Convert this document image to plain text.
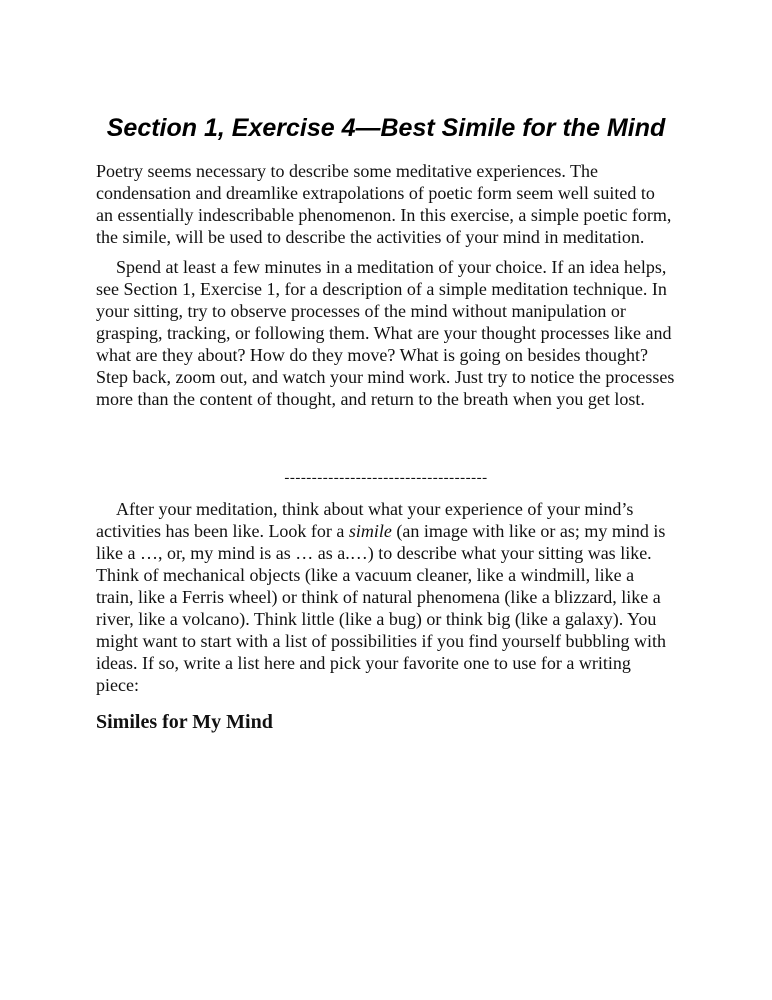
Section 1, Exercise 4—Best Simile for the Mind

Poetry seems necessary to describe some meditative experiences. The condensation and dreamlike extrapolations of poetic form seem well suited to an essentially indescribable phenomenon. In this exercise, a simple poetic form, the simile, will be used to describe the activities of your mind in meditation.

Spend at least a few minutes in a meditation of your choice. If an idea helps, see Section 1, Exercise 1, for a description of a simple meditation technique. In your sitting, try to observe processes of the mind without manipulation or grasping, tracking, or following them. What are your thought processes like and what are they about? How do they move? What is going on besides thought? Step back, zoom out, and watch your mind work. Just try to notice the processes more than the content of thought, and return to the breath when you get lost.

-------------------------------------

After your meditation, think about what your experience of your mind’s activities has been like. Look for a simile (an image with like or as; my mind is like a …, or, my mind is as … as a.…) to describe what your sitting was like. Think of mechanical objects (like a vacuum cleaner, like a windmill, like a train, like a Ferris wheel) or think of natural phenomena (like a blizzard, like a river, like a volcano). Think little (like a bug) or think big (like a galaxy). You might want to start with a list of possibilities if you find yourself bubbling with ideas. If so, write a list here and pick your favorite one to use for a writing piece:

Similes for My Mind
